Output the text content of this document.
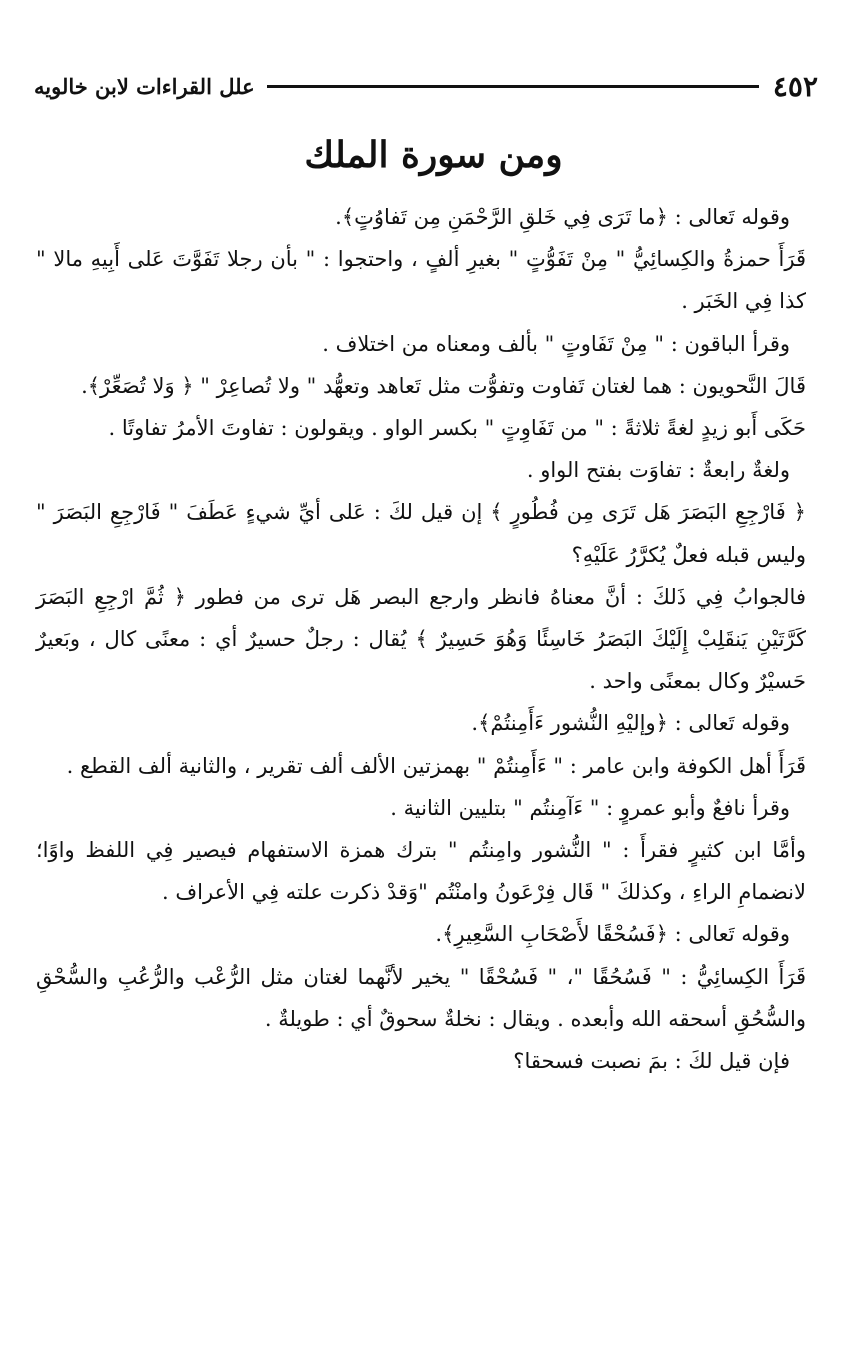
٤٥٢
علل القراءات لابن خالويه
ومن سورة الملك

وقوله تَعالى : ﴿ما تَرَى فِي خَلقِ الرَّحْمَنِ مِن تَفاوُتٍ﴾.

قَرَأَ حمزةُ والكِسائِيُّ " مِنْ تَفَوُّتٍ " بغيرِ ألفٍ ، واحتجوا : " بأن رجلا تَفَوَّتَ عَلى أَبِيهِ مالا " كذا فِي الخَبَر .

وقرأ الباقون : " مِنْ تَفَاوتٍ " بألف ومعناه من اختلاف .

قَالَ النَّحويون : هما لغتان تَفاوت وتفوُّت مثل تَعاهد وتعهُّد " ولا تُصاعِرْ " ﴿ وَلا تُصَعِّرْ﴾.

حَكَى أَبو زيدٍ لغةً ثلاثةً : " من تَفَاوِتٍ " بكسر الواو . ويقولون : تفاوتَ الأمرُ تفاوتًا .

ولغةٌ رابعةٌ : تفاوَت بفتح الواو .

﴿ فَارْجِعِ البَصَرَ هَل تَرَى مِن فُطُورٍ ﴾ إن قيل لكَ : عَلى أيِّ شيءٍ عَطَفَ " فَارْجِعِ البَصَرَ " وليس قبله فعلٌ يُكرَّرُ عَلَيْهِ؟

فالجوابُ فِي ذَلكَ : أنَّ معناهُ فانظر وارجع البصر هَل ترى من فطور ﴿ ثُمَّ ارْجِعِ البَصَرَ كَرَّتَيْنِ يَنقَلِبْ إِلَيْكَ البَصَرُ خَاسِئًا وَهُوَ حَسِيرٌ ﴾ يُقال : رجلٌ حسيرٌ أي : معنًى كال ، وبَعيرٌ حَسيْرٌ وكال بمعنًى واحد .

وقوله تَعالى : ﴿وإليْهِ النُّشور ءَأَمِنتُمْ﴾.

قَرَأَ أهل الكوفة وابن عامر : " ءَأَمِنتُمْ " بهمزتين الألف ألف تقرير ، والثانية ألف القطع .

وقرأ نافعٌ وأبو عمروٍ : " ءَآمِنتُم " بتليين الثانية .

وأمَّا ابن كثيرٍ فقرأَ : " النُّشور وامِنتُم " بترك همزة الاستفهام فيصير فِي اللفظ واوًا؛ لانضمامِ الراءِ ، وكذلكَ " قَال فِرْعَونُ وامنْتُم "وَقدْ ذكرت علته فِي الأعراف .

وقوله تَعالى : ﴿فَسُحْقًا لأَصْحَابِ السَّعِيرِ﴾.

قَرَأَ الكِسائِيُّ : " فَسُحُقًا "، " فَسُحْقًا " يخير لأنَّهما لغتان مثل الرُّعْب والرُّعُبِ والسُّحْقِ والسُّحُقِ أسحقه الله وأبعده . ويقال : نخلةٌ سحوقٌ أي : طويلةٌ .

فإن قيل لكَ : بمَ نصبت فسحقا؟
